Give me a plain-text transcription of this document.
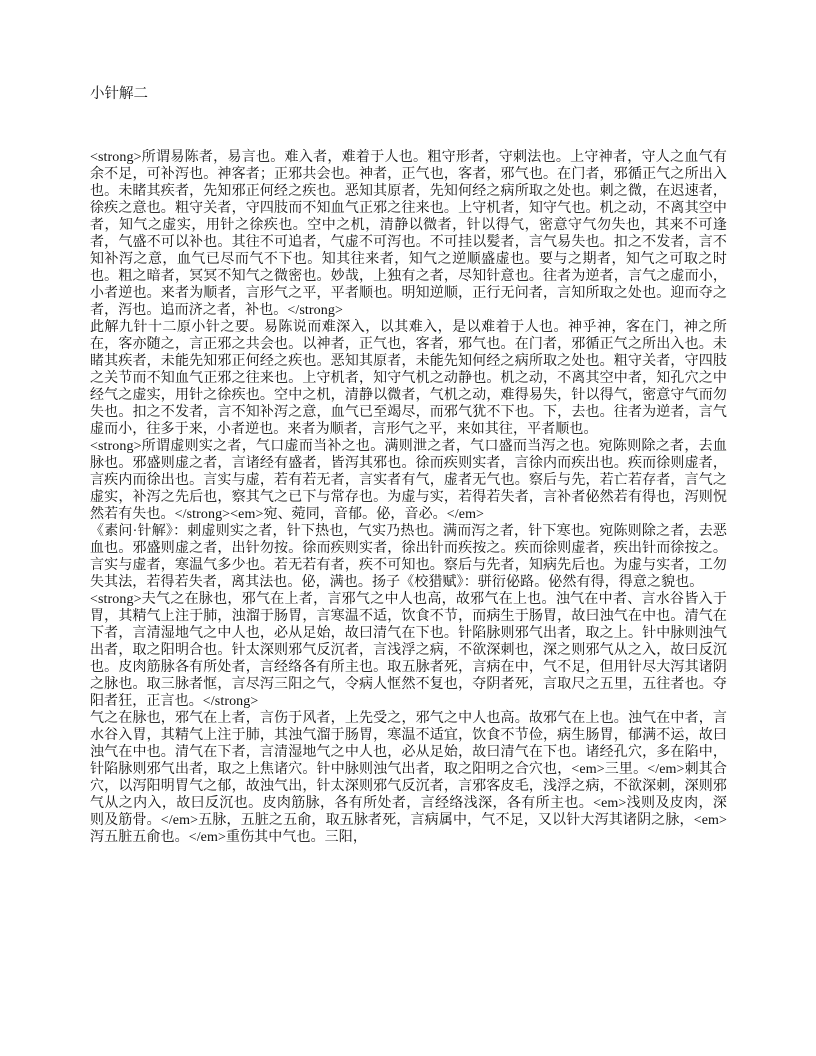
小针解二

<strong>所谓易陈者，易言也。难入者，难着于人也。粗守形者，守刺法也。上守神者，守人之血气有余不足，可补泻也。神客者；正邪共会也。神者，正气也，客者，邪气也。在门者，邪循正气之所出入也。未睹其疾者，先知邪正何经之疾也。恶知其原者，先知何经之病所取之处也。刺之微，在迟速者，徐疾之意也。粗守关者，守四肢而不知血气正邪之往来也。上守机者，知守气也。机之动，不离其空中者，知气之虚实，用针之徐疾也。空中之机，清静以微者，针以得气，密意守气勿失也，其来不可逢者，气盛不可以补也。其往不可追者，气虚不可泻也。不可挂以髪者，言气易失也。扣之不发者，言不知补泻之意，血气已尽而气不下也。知其往来者，知气之逆顺盛虚也。要与之期者，知气之可取之时也。粗之暗者，冥冥不知气之微密也。妙哉，上独有之者，尽知针意也。往者为逆者，言气之虚而小，小者逆也。来者为顺者，言形气之平，平者顺也。明知逆顺，正行无问者，言知所取之处也。迎而夺之者，泻也。追而济之者，补也。</strong>

此解九针十二原小针之要。易陈说而难深入，以其难入，是以难着于人也。神乎神，客在门，神之所在，客亦随之，言正邪之共会也。以神者，正气也，客者，邪气也。在门者，邪循正气之所出入也。未睹其疾者，未能先知邪正何经之疾也。恶知其原者，未能先知何经之病所取之处也。粗守关者，守四肢之关节而不知血气正邪之往来也。上守机者，知守气机之动静也。机之动，不离其空中者，知孔穴之中经气之虚实，用针之徐疾也。空中之机，清静以微者，气机之动，难得易失，针以得气，密意守气而勿失也。扣之不发者，言不知补泻之意，血气已至竭尽，而邪气犹不下也。下，去也。往者为逆者，言气虚而小，往多于来，小者逆也。来者为顺者，言形气之平，来如其往，平者顺也。

<strong>所谓虚则实之者，气口虚而当补之也。满则泄之者，气口盛而当泻之也。宛陈则除之者，去血脉也。邪盛则虚之者，言诸经有盛者，皆泻其邪也。徐而疾则实者，言徐内而疾出也。疾而徐则虚者，言疾内而徐出也。言实与虚，若有若无者，言实者有气，虚者无气也。察后与先，若亡若存者，言气之虚实，补泻之先后也，察其气之已下与常存也。为虚与实，若得若失者，言补者佖然若有得也，泻则怳然若有失也。</strong><em>宛、菀同，音郁。佖，音必。</em>

《素问·针解》：刺虚则实之者，针下热也，气实乃热也。满而泻之者，针下寒也。宛陈则除之者，去恶血也。邪盛则虚之者，出针勿按。徐而疾则实者，徐出针而疾按之。疾而徐则虚者，疾出针而徐按之。言实与虚者，寒温气多少也。若无若有者，疾不可知也。察后与先者，知病先后也。为虚与实者，工勿失其法，若得若失者，离其法也。佖，满也。扬子《校猎赋》：骈衍佖路。佖然有得，得意之貌也。

<strong>夫气之在脉也，邪气在上者，言邪气之中人也高，故邪气在上也。浊气在中者、言水谷皆入于胃，其精气上注于肺，浊溜于肠胃，言寒温不适，饮食不节，而病生于肠胃，故曰浊气在中也。清气在下者，言清湿地气之中人也，必从足始，故曰清气在下也。针陷脉则邪气出者，取之上。针中脉则浊气出者，取之阳明合也。针太深则邪气反沉者，言浅浮之病，不欲深刺也，深之则邪气从之入，故曰反沉也。皮肉筋脉各有所处者，言经络各有所主也。取五脉者死，言病在中，气不足，但用针尽大泻其诸阴之脉也。取三脉者恇，言尽泻三阳之气，令病人恇然不复也，夺阴者死，言取尺之五里，五往者也。夺阳者狂，正言也。</strong>

气之在脉也，邪气在上者，言伤于风者，上先受之，邪气之中人也高。故邪气在上也。浊气在中者，言水谷入胃，其精气上注于肺，其浊气溜于肠胃，寒温不适宜，饮食不节俭，病生肠胃，郁满不运，故曰浊气在中也。清气在下者，言清湿地气之中人也，必从足始，故曰清气在下也。诸经孔穴，多在陷中，针陷脉则邪气出者，取之上焦诸穴。针中脉则浊气出者，取之阳明之合穴也，<em>三里。</em>刺其合穴，以泻阳明胃气之郁，故浊气出，针太深则邪气反沉者，言邪客皮毛，浅浮之病，不欲深刺，深则邪气从之内入，故曰反沉也。皮肉筋脉，各有所处者，言经络浅深，各有所主也。<em>浅则及皮肉，深则及筋骨。</em>五脉，五脏之五俞，取五脉者死，言病属中，气不足，又以针大泻其诸阴之脉，<em>泻五脏五俞也。</em>重伤其中气也。三阳，
